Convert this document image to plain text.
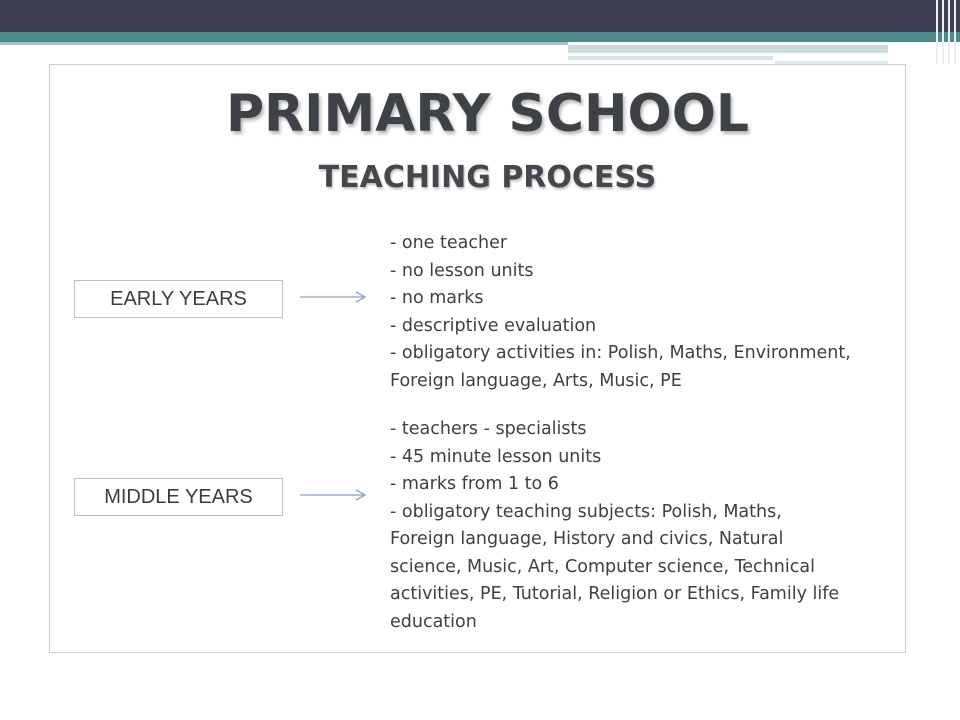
PRIMARY SCHOOL
TEACHING PROCESS
EARLY YEARS
- one teacher
- no lesson units
- no marks
- descriptive evaluation
- obligatory activities in: Polish, Maths, Environment,
Foreign language, Arts, Music, PE
MIDDLE YEARS
- teachers - specialists
- 45 minute lesson units
- marks from 1 to 6
- obligatory teaching subjects: Polish, Maths,
Foreign language, History and civics, Natural
science, Music, Art, Computer science, Technical
activities, PE, Tutorial, Religion or Ethics, Family life
education
